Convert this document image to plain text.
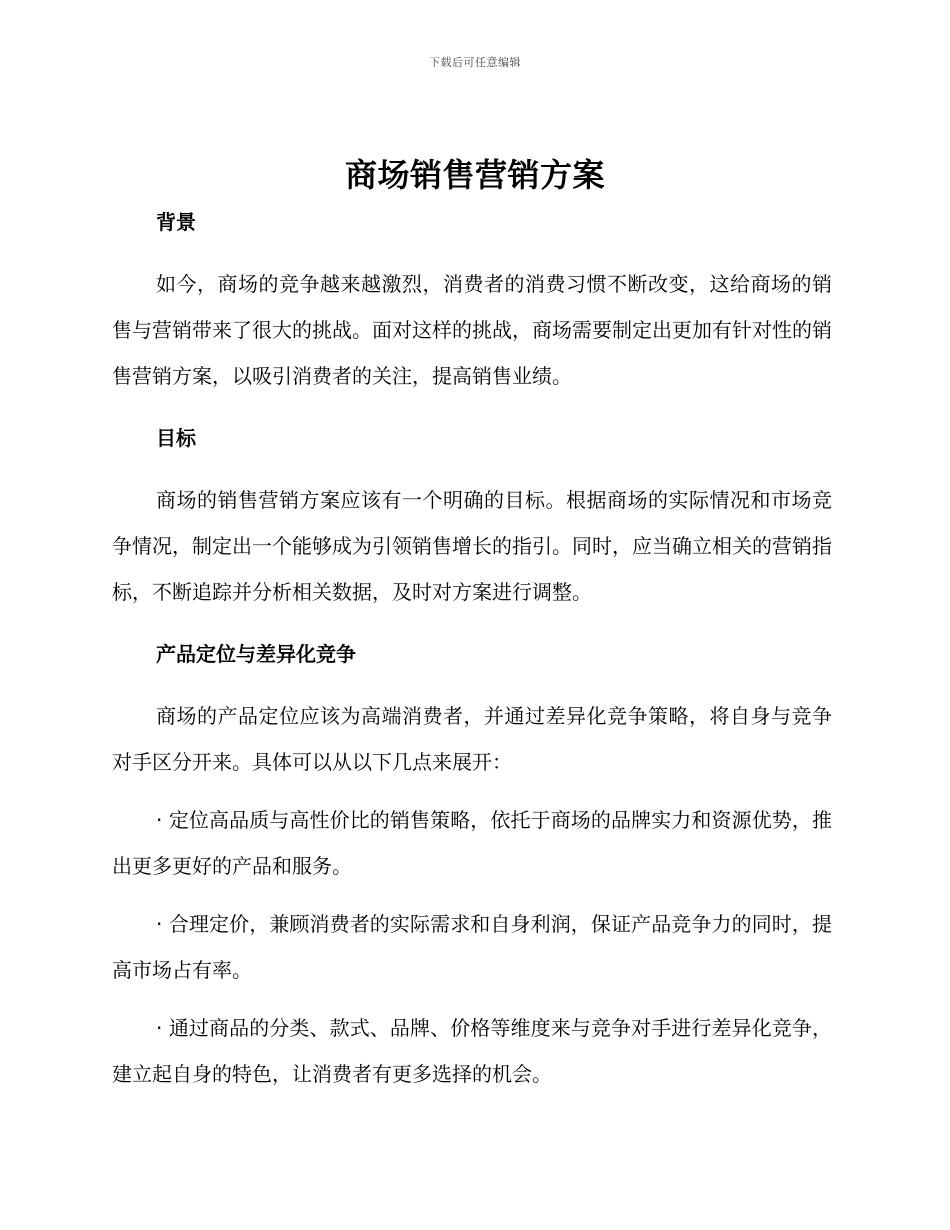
下载后可任意编辑
商场销售营销方案
背景

如今，商场的竞争越来越激烈，消费者的消费习惯不断改变，这给商场的销售与营销带来了很大的挑战。面对这样的挑战，商场需要制定出更加有针对性的销售营销方案，以吸引消费者的关注，提高销售业绩。

目标

商场的销售营销方案应该有一个明确的目标。根据商场的实际情况和市场竞争情况，制定出一个能够成为引领销售增长的指引。同时，应当确立相关的营销指标，不断追踪并分析相关数据，及时对方案进行调整。

产品定位与差异化竞争

商场的产品定位应该为高端消费者，并通过差异化竞争策略，将自身与竞争对手区分开来。具体可以从以下几点来展开：

· 定位高品质与高性价比的销售策略，依托于商场的品牌实力和资源优势，推出更多更好的产品和服务。

· 合理定价，兼顾消费者的实际需求和自身利润，保证产品竞争力的同时，提高市场占有率。

· 通过商品的分类、款式、品牌、价格等维度来与竞争对手进行差异化竞争，建立起自身的特色，让消费者有更多选择的机会。
